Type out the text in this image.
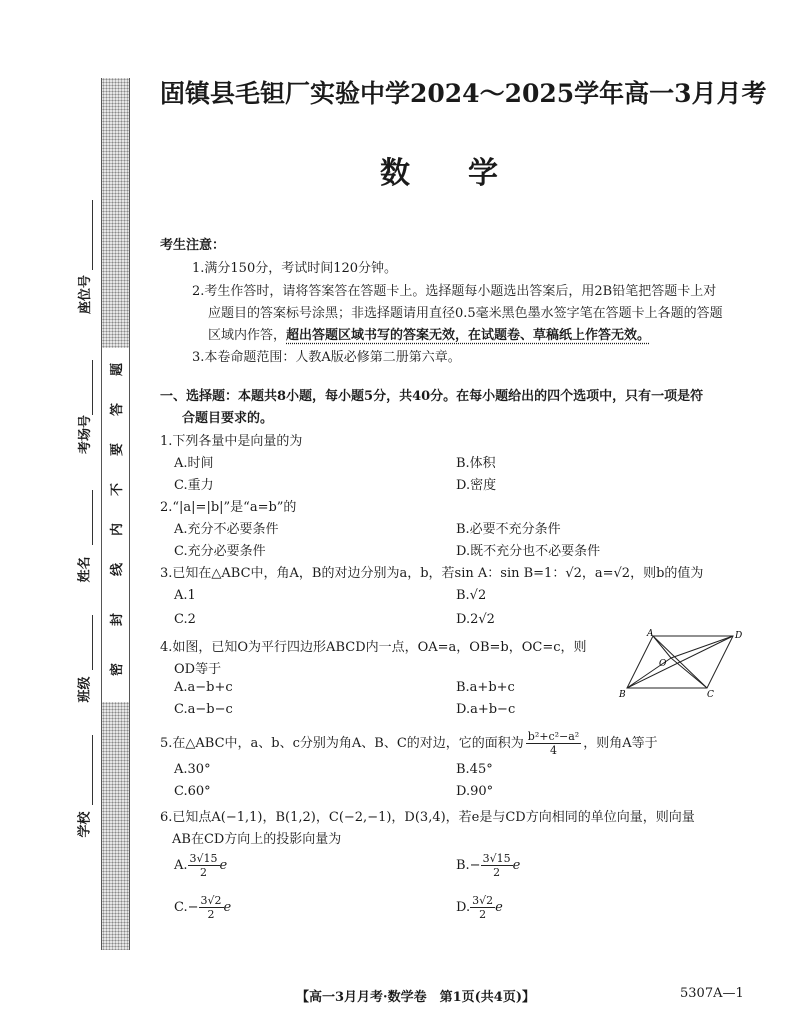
题
答
要
不
内
线
封
密
座位号
考场号
姓名
班级
学校
固镇县毛钽厂实验中学2024～2025学年高一3月月考
数学
考生注意：
1.满分150分，考试时间120分钟。
2.考生作答时，请将答案答在答题卡上。选择题每小题选出答案后，用2B铅笔把答题卡上对
应题目的答案标号涂黑；非选择题请用直径0.5毫米黑色墨水签字笔在答题卡上各题的答题
区域内作答，超出答题区域书写的答案无效，在试题卷、草稿纸上作答无效。
3.本卷命题范围：人教A版必修第二册第六章。
一、选择题：本题共8小题，每小题5分，共40分。在每小题给出的四个选项中，只有一项是符
合题目要求的。
1.下列各量中是向量的为
A.时间	B.体积
C.重力	D.密度
2.“|a|=|b|”是“a=b”的
A.充分不必要条件	B.必要不充分条件
C.充分必要条件	D.既不充分也不必要条件
3.已知在△ABC中，角A，B的对边分别为a，b，若sin A：sin B=1：√2，a=√2，则b的值为
A.1	B.√2
C.2	D.2√2
4.如图，已知O为平行四边形ABCD内一点，OA=a，OB=b，OC=c，则
OD等于
A.a−b+c	B.a+b+c
C.a−b−c	D.a+b−c
A	D
B	C
O
5.在△ABC中，a、b、c分别为角A、B、C的对边，它的面积为 $\frac{\text{b²+c²−a²}}{4}$ ，则角A等于
A.30°	B.45°
C.60°	D.90°
6.已知点A(−1,1)，B(1,2)，C(−2,−1)，D(3,4)，若e是与CD方向相同的单位向量，则向量
AB在CD方向上的投影向量为
A. $\frac{3√15}{2}$ e	$B.- \frac{3√15}{2}$ e
$C.- \frac{3√2}{2}$ e	D. $\frac{3√2}{2}$ e
【高一3月月考·数学卷　第1页(共4页)】	5307A—1
